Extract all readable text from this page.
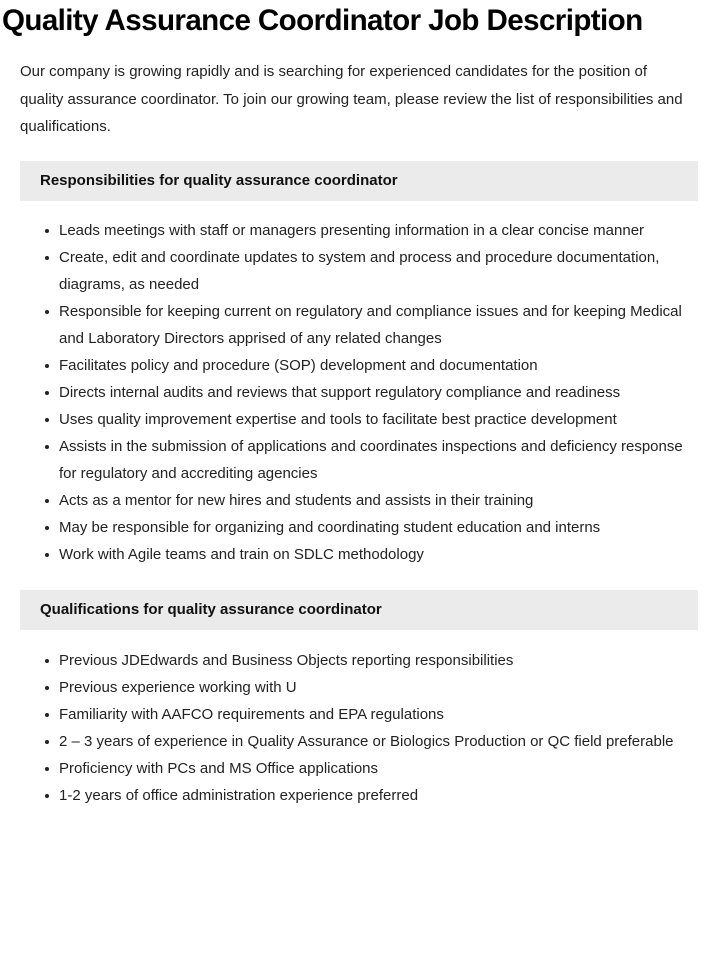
Quality Assurance Coordinator Job Description

Our company is growing rapidly and is searching for experienced candidates for the position of quality assurance coordinator. To join our growing team, please review the list of responsibilities and qualifications.

Responsibilities for quality assurance coordinator
Leads meetings with staff or managers presenting information in a clear concise manner
Create, edit and coordinate updates to system and process and procedure documentation, diagrams, as needed
Responsible for keeping current on regulatory and compliance issues and for keeping Medical and Laboratory Directors apprised of any related changes
Facilitates policy and procedure (SOP) development and documentation
Directs internal audits and reviews that support regulatory compliance and readiness
Uses quality improvement expertise and tools to facilitate best practice development
Assists in the submission of applications and coordinates inspections and deficiency response for regulatory and accrediting agencies
Acts as a mentor for new hires and students and assists in their training
May be responsible for organizing and coordinating student education and interns
Work with Agile teams and train on SDLC methodology
Qualifications for quality assurance coordinator
Previous JDEdwards and Business Objects reporting responsibilities
Previous experience working with U
Familiarity with AAFCO requirements and EPA regulations
2 – 3 years of experience in Quality Assurance or Biologics Production or QC field preferable
Proficiency with PCs and MS Office applications
1-2 years of office administration experience preferred
